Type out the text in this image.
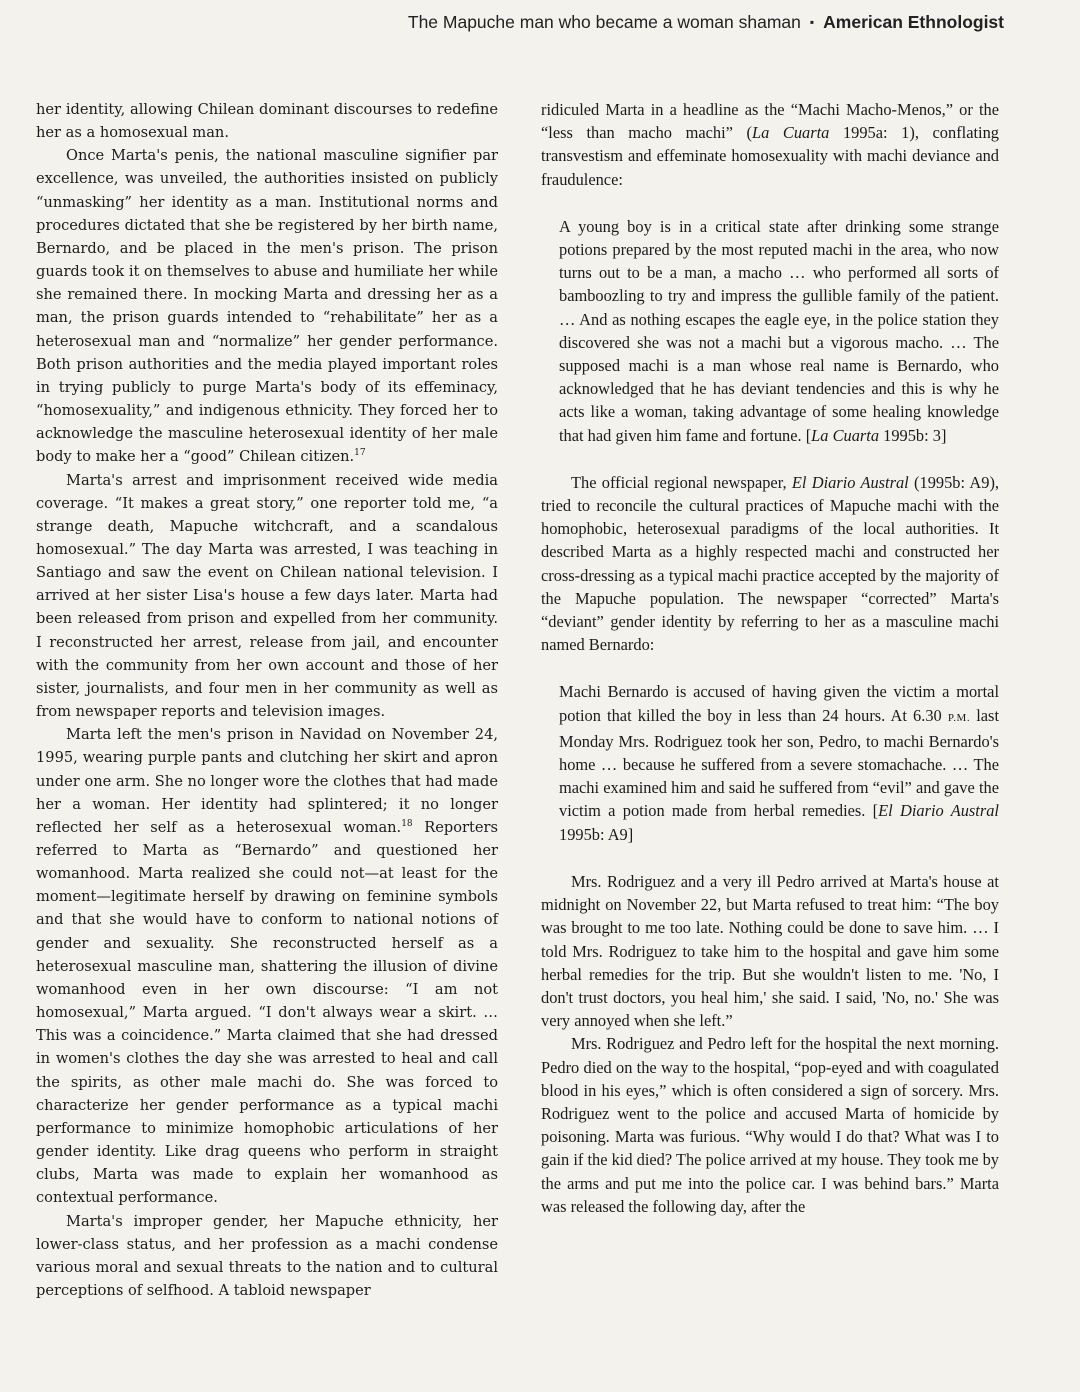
The Mapuche man who became a woman shaman ▪ American Ethnologist

her identity, allowing Chilean dominant discourses to redefine her as a homosexual man.

Once Marta's penis, the national masculine signifier par excellence, was unveiled, the authorities insisted on publicly “unmasking” her identity as a man. Institutional norms and procedures dictated that she be registered by her birth name, Bernardo, and be placed in the men's prison. The prison guards took it on themselves to abuse and humiliate her while she remained there. In mocking Marta and dressing her as a man, the prison guards intended to “rehabilitate” her as a heterosexual man and “normalize” her gender performance. Both prison authorities and the media played important roles in trying publicly to purge Marta's body of its effeminacy, “homosexuality,” and indigenous ethnicity. They forced her to acknowledge the masculine heterosexual identity of her male body to make her a “good” Chilean citizen.$^{17}$

Marta's arrest and imprisonment received wide media coverage. “It makes a great story,” one reporter told me, “a strange death, Mapuche witchcraft, and a scandalous homosexual.” The day Marta was arrested, I was teaching in Santiago and saw the event on Chilean national television. I arrived at her sister Lisa's house a few days later. Marta had been released from prison and expelled from her community. I reconstructed her arrest, release from jail, and encounter with the community from her own account and those of her sister, journalists, and four men in her community as well as from newspaper reports and television images.

Marta left the men's prison in Navidad on November 24, 1995, wearing purple pants and clutching her skirt and apron under one arm. She no longer wore the clothes that had made her a woman. Her identity had splintered; it no longer reflected her self as a heterosexual woman.$^{18}$ Reporters referred to Marta as “Bernardo” and questioned her womanhood. Marta realized she could not—at least for the moment—legitimate herself by drawing on feminine symbols and that she would have to conform to national notions of gender and sexuality. She reconstructed herself as a heterosexual masculine man, shattering the illusion of divine womanhood even in her own discourse: “I am not homosexual,” Marta argued. “I don't always wear a skirt. … This was a coincidence.” Marta claimed that she had dressed in women's clothes the day she was arrested to heal and call the spirits, as other male machi do. She was forced to characterize her gender performance as a typical machi performance to minimize homophobic articulations of her gender identity. Like drag queens who perform in straight clubs, Marta was made to explain her womanhood as contextual performance.

Marta's improper gender, her Mapuche ethnicity, her lower-class status, and her profession as a machi condense various moral and sexual threats to the nation and to cultural perceptions of selfhood. A tabloid newspaper

ridiculed Marta in a headline as the “Machi Macho-Menos,” or the “less than macho machi” (La Cuarta 1995a: 1), conflating transvestism and effeminate homosexuality with machi deviance and fraudulence:

A young boy is in a critical state after drinking some strange potions prepared by the most reputed machi in the area, who now turns out to be a man, a macho … who performed all sorts of bamboozling to try and impress the gullible family of the patient. … And as nothing escapes the eagle eye, in the police station they discovered she was not a machi but a vigorous macho. … The supposed machi is a man whose real name is Bernardo, who acknowledged that he has deviant tendencies and this is why he acts like a woman, taking advantage of some healing knowledge that had given him fame and fortune. [La Cuarta 1995b: 3]

The official regional newspaper, El Diario Austral (1995b: A9), tried to reconcile the cultural practices of Mapuche machi with the homophobic, heterosexual paradigms of the local authorities. It described Marta as a highly respected machi and constructed her cross-dressing as a typical machi practice accepted by the majority of the Mapuche population. The newspaper “corrected” Marta's “deviant” gender identity by referring to her as a masculine machi named Bernardo:

Machi Bernardo is accused of having given the victim a mortal potion that killed the boy in less than 24 hours. At 6.30 P.M. last Monday Mrs. Rodriguez took her son, Pedro, to machi Bernardo's home … because he suffered from a severe stomachache. … The machi examined him and said he suffered from “evil” and gave the victim a potion made from herbal remedies. [El Diario Austral 1995b: A9]

Mrs. Rodriguez and a very ill Pedro arrived at Marta's house at midnight on November 22, but Marta refused to treat him: “The boy was brought to me too late. Nothing could be done to save him. … I told Mrs. Rodriguez to take him to the hospital and gave him some herbal remedies for the trip. But she wouldn't listen to me. 'No, I don't trust doctors, you heal him,' she said. I said, 'No, no.' She was very annoyed when she left.”

Mrs. Rodriguez and Pedro left for the hospital the next morning. Pedro died on the way to the hospital, “pop-eyed and with coagulated blood in his eyes,” which is often considered a sign of sorcery. Mrs. Rodriguez went to the police and accused Marta of homicide by poisoning. Marta was furious. “Why would I do that? What was I to gain if the kid died? The police arrived at my house. They took me by the arms and put me into the police car. I was behind bars.” Marta was released the following day, after the
